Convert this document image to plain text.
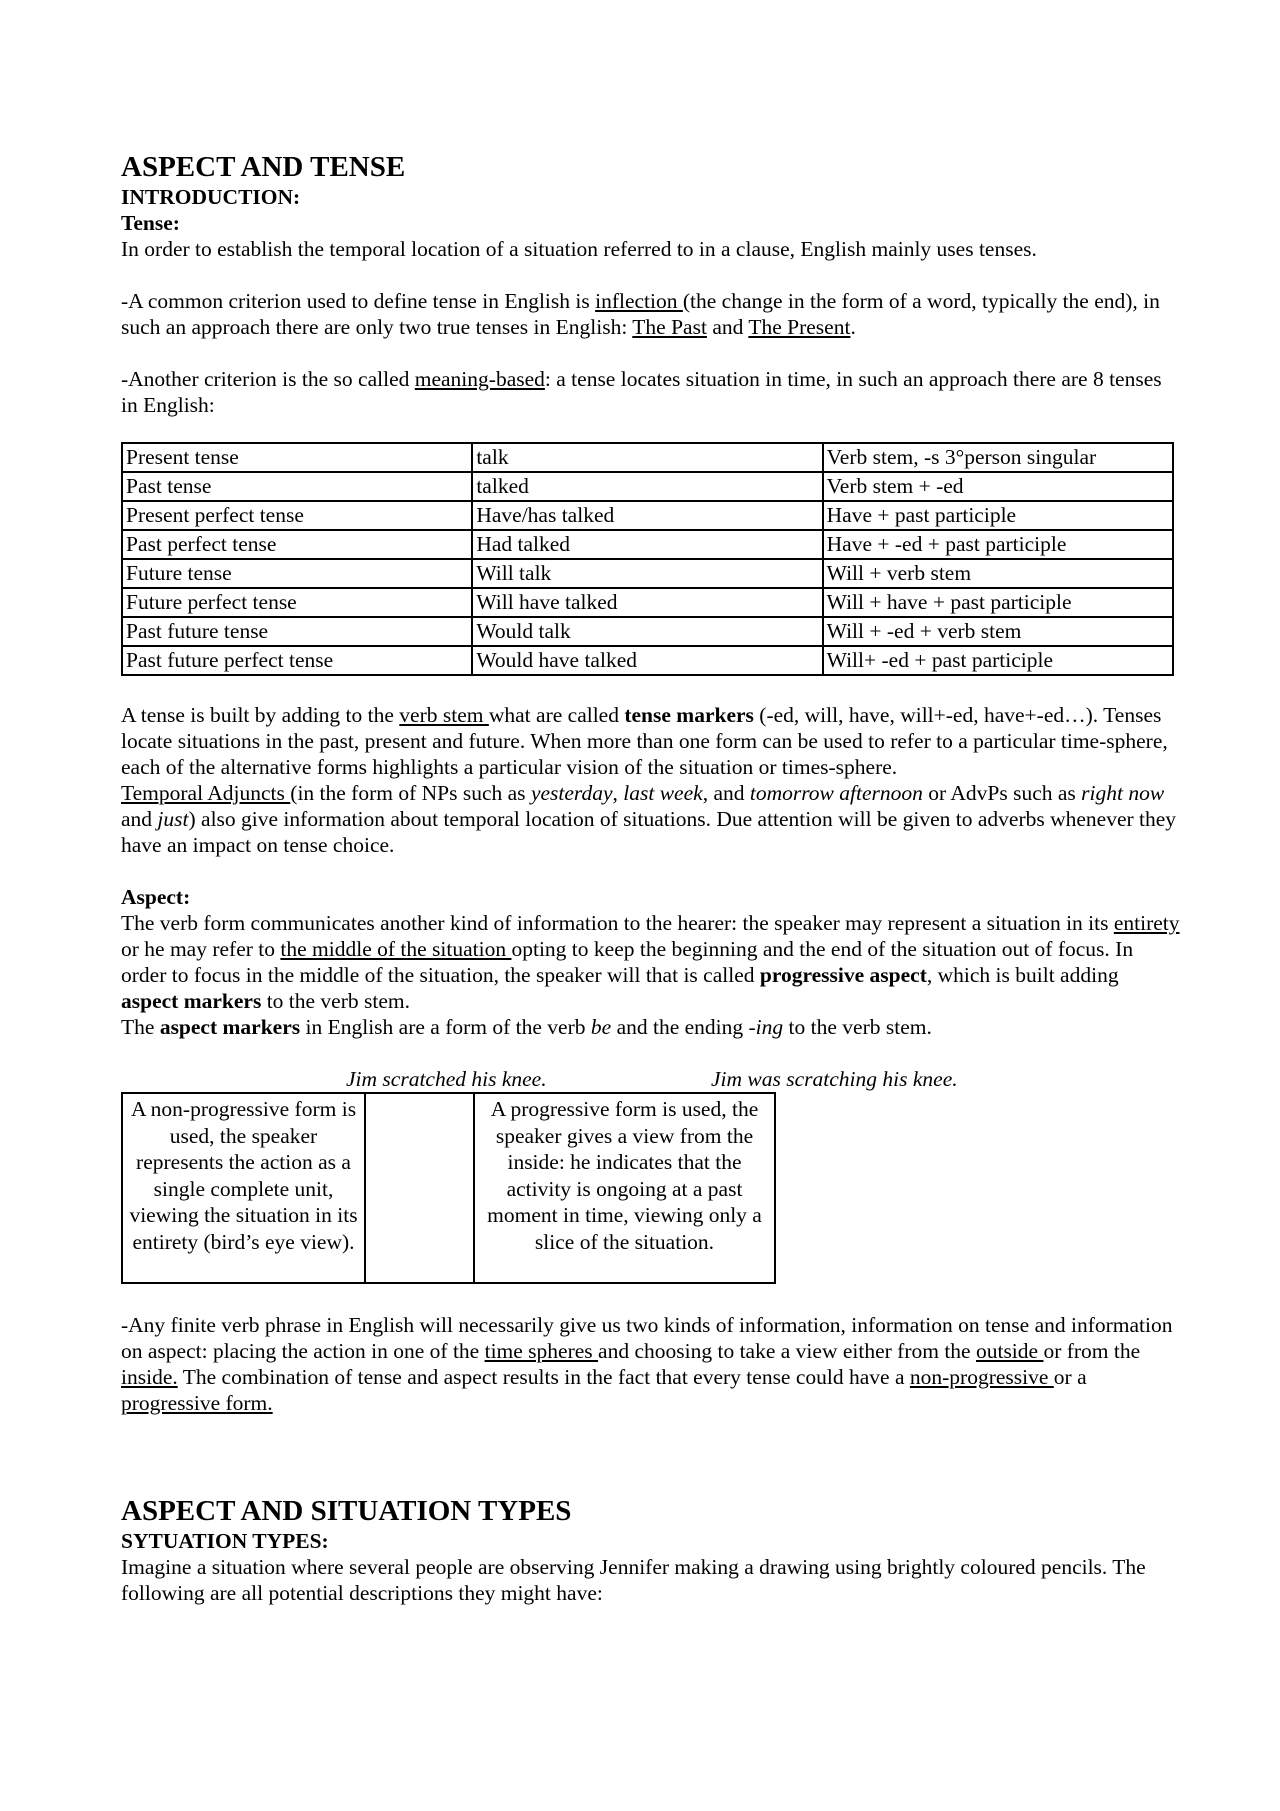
ASPECT AND TENSE

INTRODUCTION:

Tense:

In order to establish the temporal location of a situation referred to in a clause, English mainly uses tenses.

-A common criterion used to define tense in English is inflection (the change in the form of a word, typically the end), in such an approach there are only two true tenses in English: The Past and The Present.

-Another criterion is the so called meaning-based: a tense locates situation in time, in such an approach there are 8 tenses in English:

Present tense	talk	Verb stem, -s 3°person singular
Past tense	talked	Verb stem + -ed
Present perfect tense	Have/has talked	Have + past participle
Past perfect tense	Had talked	Have + -ed + past participle
Future tense	Will talk	Will + verb stem
Future perfect tense	Will have talked	Will + have + past participle
Past future tense	Would talk	Will + -ed + verb stem
Past future perfect tense	Would have talked	Will+ -ed + past participle

A tense is built by adding to the verb stem what are called tense markers (-ed, will, have, will+-ed, have+-ed…). Tenses locate situations in the past, present and future. When more than one form can be used to refer to a particular time-sphere, each of the alternative forms highlights a particular vision of the situation or times-sphere.

Temporal Adjuncts (in the form of NPs such as yesterday, last week, and tomorrow afternoon or AdvPs such as right now and just) also give information about temporal location of situations. Due attention will be given to adverbs whenever they have an impact on tense choice.

Aspect:

The verb form communicates another kind of information to the hearer: the speaker may represent a situation in its entirety or he may refer to the middle of the situation opting to keep the beginning and the end of the situation out of focus. In order to focus in the middle of the situation, the speaker will that is called progressive aspect, which is built adding aspect markers to the verb stem.

The aspect markers in English are a form of the verb be and the ending -ing to the verb stem.

Jim scratched his knee.	Jim was scratching his knee.
A non-progressive form is used, the speaker represents the action as a single complete unit, viewing the situation in its entirety (bird’s eye view).		A progressive form is used, the speaker gives a view from the inside: he indicates that the activity is ongoing at a past moment in time, viewing only a slice of the situation.

-Any finite verb phrase in English will necessarily give us two kinds of information, information on tense and information on aspect: placing the action in one of the time spheres and choosing to take a view either from the outside or from the inside. The combination of tense and aspect results in the fact that every tense could have a non-progressive or a progressive form.

ASPECT AND SITUATION TYPES

SYTUATION TYPES:

Imagine a situation where several people are observing Jennifer making a drawing using brightly coloured pencils. The following are all potential descriptions they might have:
